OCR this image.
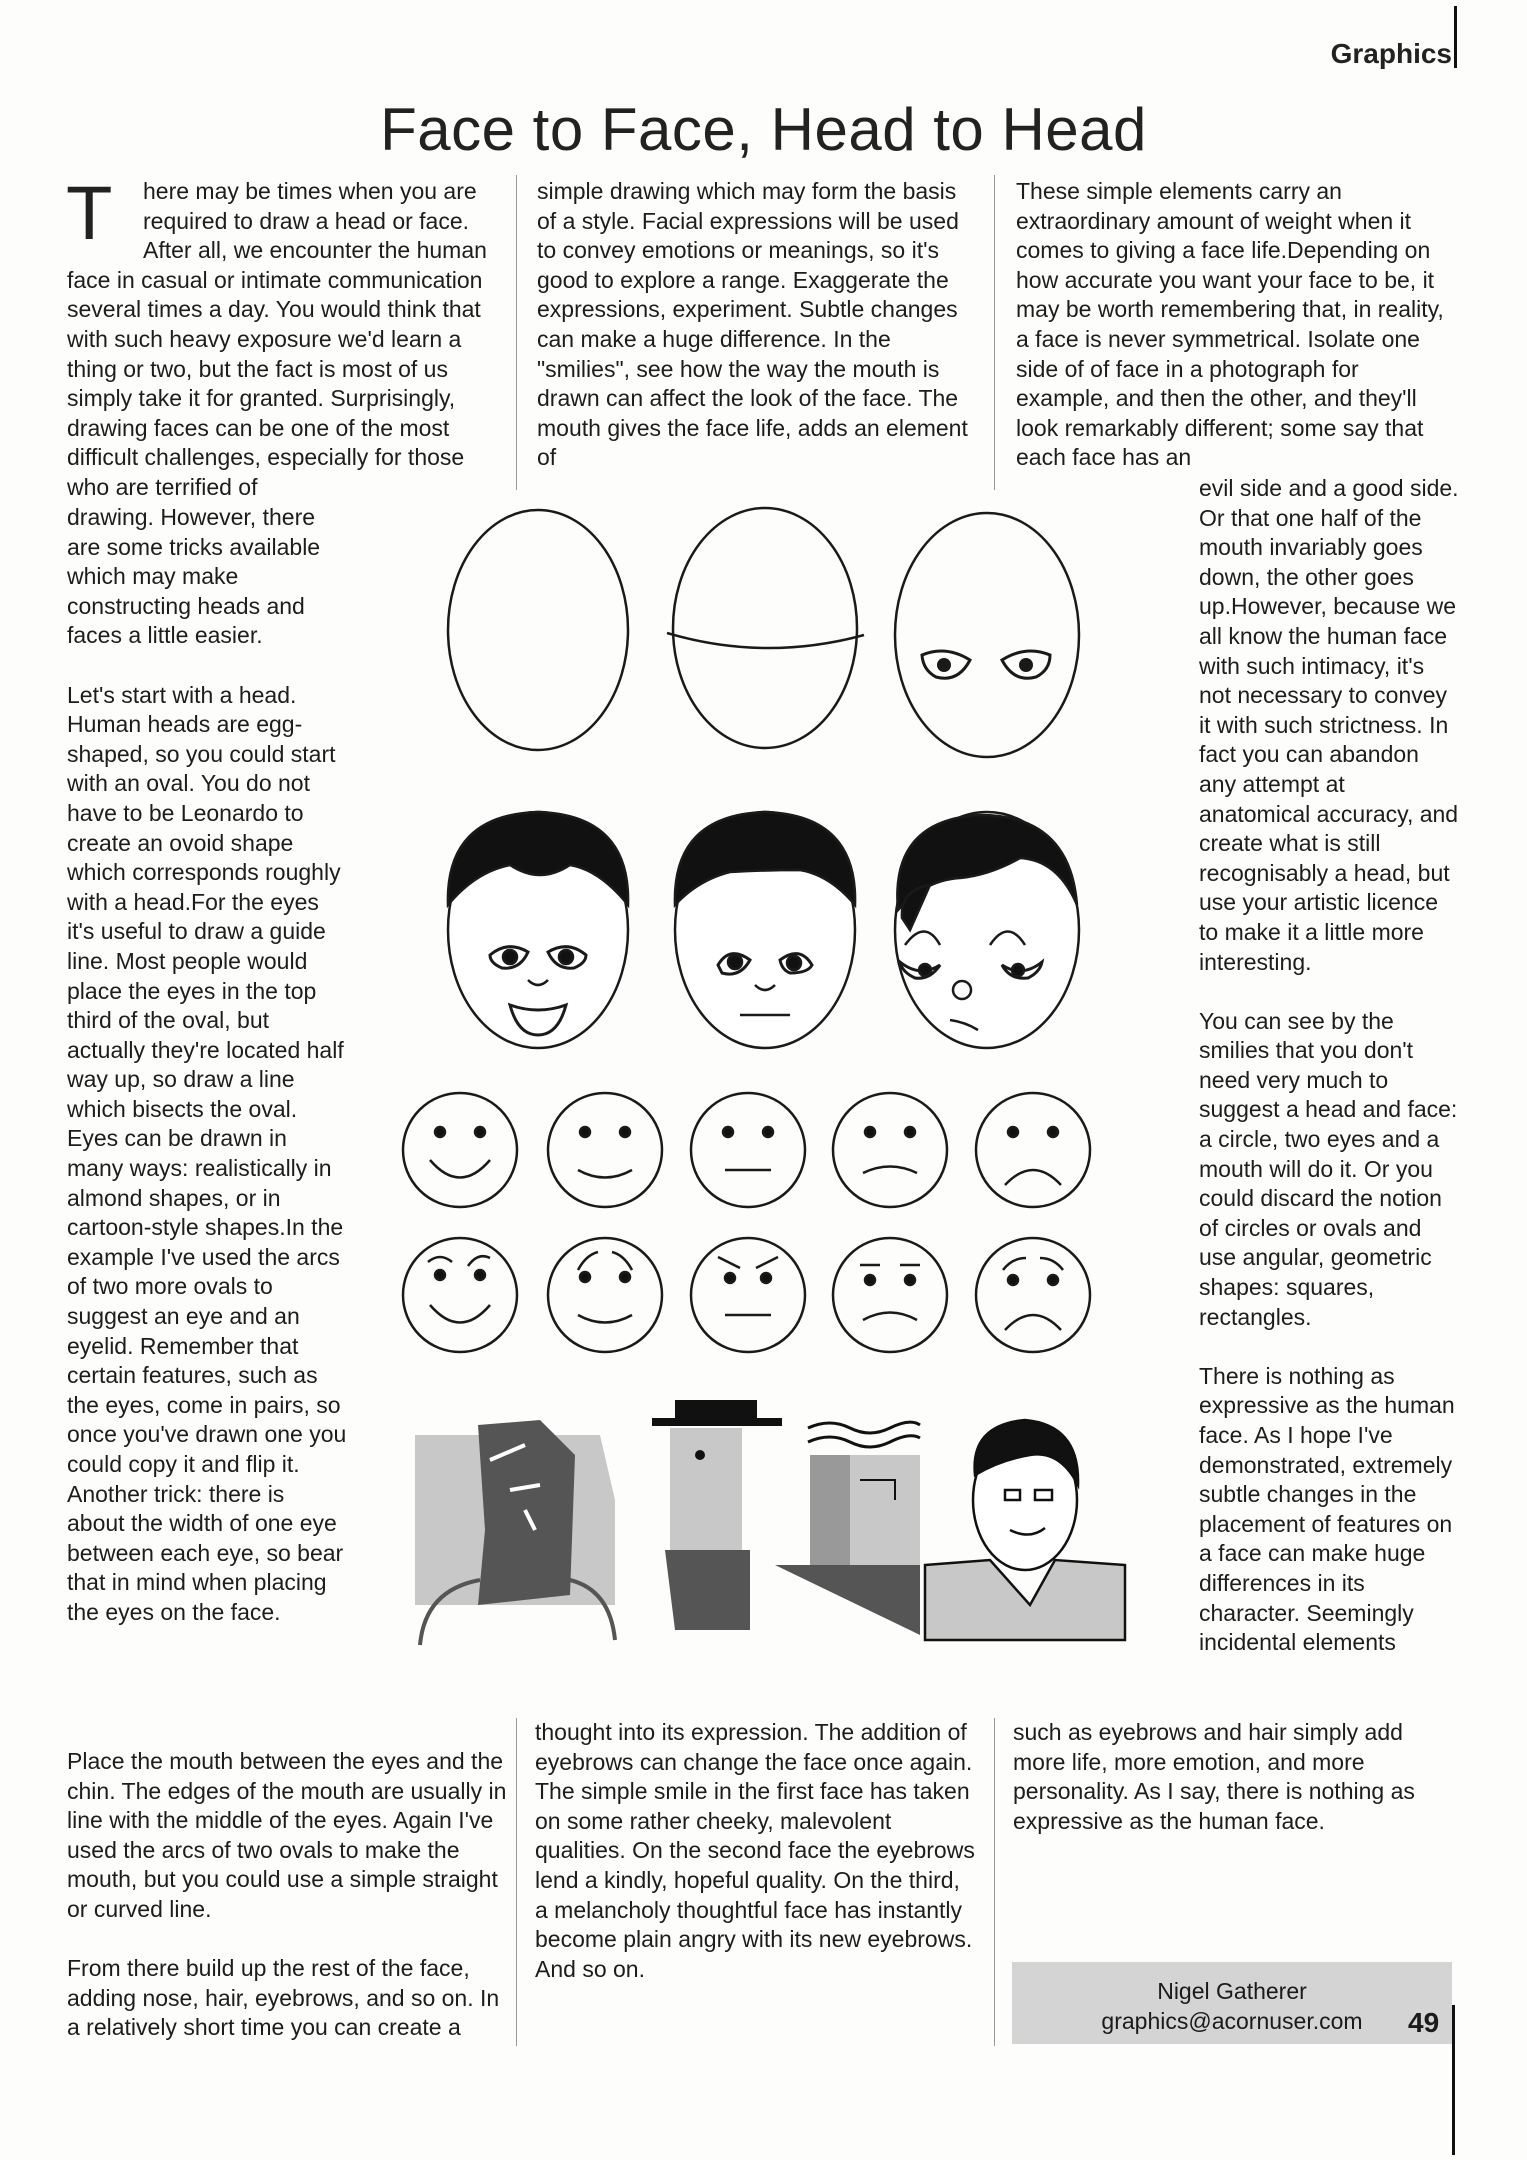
Graphics
Face to Face, Head to Head
T here may be times when you are
required to draw a head or face.
After all, we encounter the human

face in casual or intimate communication several times a day. You would think that with such heavy exposure we'd learn a thing or two, but the fact is most of us simply take it for granted. Surprisingly, drawing faces can be one of the most difficult challenges, especially for those who are terrified of

drawing. However, there are some tricks available which may make constructing heads and faces a little easier.

Let's start with a head. Human heads are egg-shaped, so you could start with an oval. You do not have to be Leonardo to create an ovoid shape which corresponds roughly with a head.For the eyes it's useful to draw a guide line. Most people would place the eyes in the top third of the oval, but actually they're located half way up, so draw a line which bisects the oval. Eyes can be drawn in many ways: realistically in almond shapes, or in cartoon-style shapes.In the example I've used the arcs of two more ovals to suggest an eye and an eyelid. Remember that certain features, such as the eyes, come in pairs, so once you've drawn one you could copy it and flip it. Another trick: there is about the width of one eye between each eye, so bear that in mind when placing the eyes on the face.

Place the mouth between the eyes and the chin. The edges of the mouth are usually in line with the middle of the eyes. Again I've used the arcs of two ovals to make the mouth, but you could use a simple straight or curved line.

From there build up the rest of the face, adding nose, hair, eyebrows, and so on. In a relatively short time you can create a

simple drawing which may form the basis of a style. Facial expressions will be used to convey emotions or meanings, so it's good to explore a range. Exaggerate the expressions, experiment. Subtle changes can make a huge difference. In the "smilies", see how the way the mouth is drawn can affect the look of the face. The mouth gives the face life, adds an element of

thought into its expression. The addition of eyebrows can change the face once again. The simple smile in the first face has taken on some rather cheeky, malevolent qualities. On the second face the eyebrows lend a kindly, hopeful quality. On the third, a melancholy thoughtful face has instantly become plain angry with its new eyebrows. And so on.

These simple elements carry an extraordinary amount of weight when it comes to giving a face life.Depending on how accurate you want your face to be, it may be worth remembering that, in reality, a face is never symmetrical. Isolate one side of of face in a photograph for example, and then the other, and they'll look remarkably different; some say that each face has an

evil side and a good side. Or that one half of the mouth invariably goes down, the other goes up.However, because we all know the human face with such intimacy, it's not necessary to convey it with such strictness. In fact you can abandon any attempt at anatomical accuracy, and create what is still recognisably a head, but use your artistic licence to make it a little more interesting.

You can see by the smilies that you don't need very much to suggest a head and face: a circle, two eyes and a mouth will do it. Or you could discard the notion of circles or ovals and use angular, geometric shapes: squares, rectangles.

There is nothing as expressive as the human face. As I hope I've demonstrated, extremely subtle changes in the placement of features on a face can make huge differences in its character. Seemingly incidental elements

such as eyebrows and hair simply add more life, more emotion, and more personality. As I say, there is nothing as expressive as the human face.

Nigel Gatherer
graphics@acornuser.com	49
